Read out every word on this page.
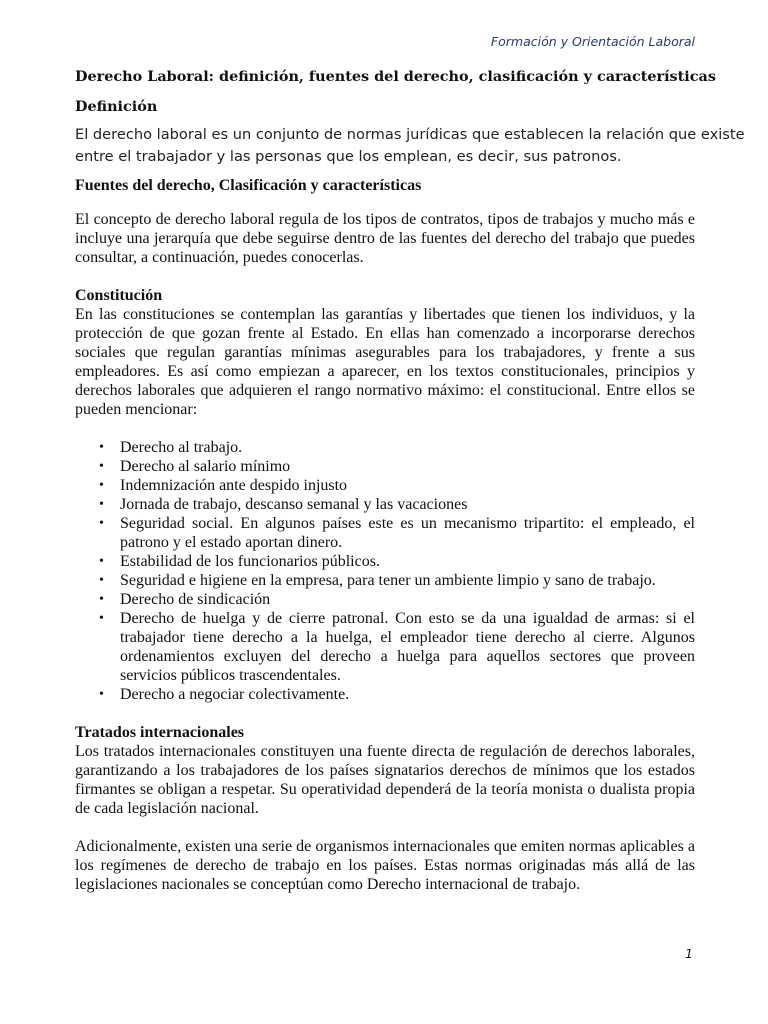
Formación y Orientación Laboral
Derecho Laboral: definición, fuentes del derecho, clasificación y características
Definición

El derecho laboral es un conjunto de normas jurídicas que establecen la relación que existe
entre el trabajador y las personas que los emplean, es decir, sus patronos.

Fuentes del derecho, Clasificación y características

El concepto de derecho laboral regula de los tipos de contratos, tipos de trabajos y mucho más e incluye una jerarquía que debe seguirse dentro de las fuentes del derecho del trabajo que puedes consultar, a continuación, puedes conocerlas.

Constitución

En las constituciones se contemplan las garantías y libertades que tienen los individuos, y la protección de que gozan frente al Estado. En ellas han comenzado a incorporarse derechos sociales que regulan garantías mínimas asegurables para los trabajadores, y frente a sus empleadores. Es así como empiezan a aparecer, en los textos constitucionales, principios y derechos laborales que adquieren el rango normativo máximo: el constitucional. Entre ellos se pueden mencionar:

• Derecho al trabajo.
• Derecho al salario mínimo
• Indemnización ante despido injusto
• Jornada de trabajo, descanso semanal y las vacaciones
• Seguridad social. En algunos países este es un mecanismo tripartito: el empleado, el patrono y el estado aportan dinero.
• Estabilidad de los funcionarios públicos.
• Seguridad e higiene en la empresa, para tener un ambiente limpio y sano de trabajo.
• Derecho de sindicación
• Derecho de huelga y de cierre patronal. Con esto se da una igualdad de armas: si el trabajador tiene derecho a la huelga, el empleador tiene derecho al cierre. Algunos ordenamientos excluyen del derecho a huelga para aquellos sectores que proveen servicios públicos trascendentales.
• Derecho a negociar colectivamente.

Tratados internacionales

Los tratados internacionales constituyen una fuente directa de regulación de derechos laborales, garantizando a los trabajadores de los países signatarios derechos de mínimos que los estados firmantes se obligan a respetar. Su operatividad dependerá de la teoría monista o dualista propia de cada legislación nacional.

Adicionalmente, existen una serie de organismos internacionales que emiten normas aplicables a los regímenes de derecho de trabajo en los países. Estas normas originadas más allá de las legislaciones nacionales se conceptúan como Derecho internacional de trabajo.

1
